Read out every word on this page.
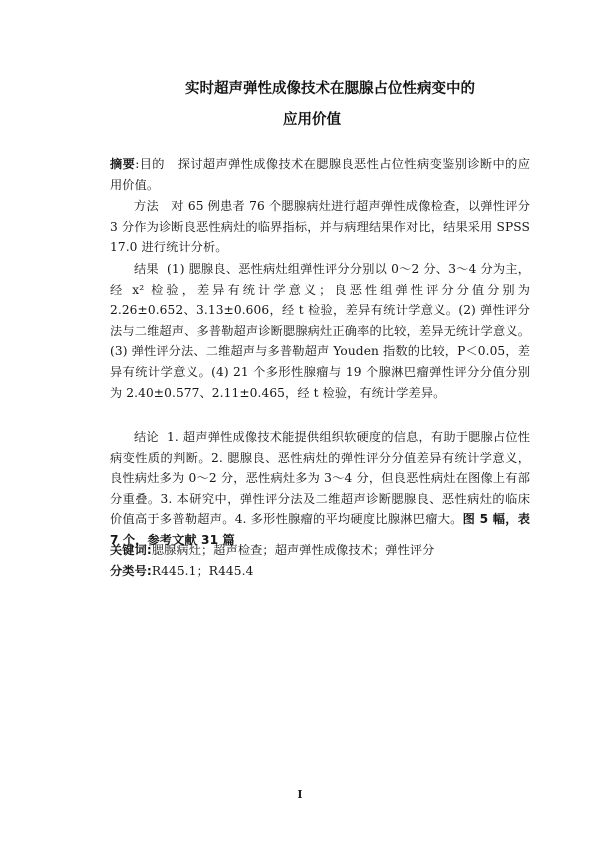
实时超声弹性成像技术在腮腺占位性病变中的
应用价值
摘要:目的 探讨超声弹性成像技术在腮腺良恶性占位性病变鉴别诊断中的应用价值。
方法 对 65 例患者 76 个腮腺病灶进行超声弹性成像检查，以弹性评分 3 分作为诊断良恶性病灶的临界指标，并与病理结果作对比，结果采用 SPSS 17.0 进行统计分析。
结果 (1) 腮腺良、恶性病灶组弹性评分分别以 0～2 分、3～4 分为主，经 x² 检验，差异有统计学意义；良恶性组弹性评分分值分别为 2.26±0.652、3.13±0.606，经 t 检验，差异有统计学意义。(2) 弹性评分法与二维超声、多普勒超声诊断腮腺病灶正确率的比较，差异无统计学意义。(3) 弹性评分法、二维超声与多普勒超声 Youden 指数的比较，P＜0.05，差异有统计学意义。(4) 21 个多形性腺瘤与 19 个腺淋巴瘤弹性评分分值分别为 2.40±0.577、2.11±0.465，经 t 检验，有统计学差异。
结论 1. 超声弹性成像技术能提供组织软硬度的信息，有助于腮腺占位性病变性质的判断。2. 腮腺良、恶性病灶的弹性评分分值差异有统计学意义，良性病灶多为 0～2 分，恶性病灶多为 3～4 分，但良恶性病灶在图像上有部分重叠。3. 本研究中，弹性评分法及二维超声诊断腮腺良、恶性病灶的临床价值高于多普勒超声。4. 多形性腺瘤的平均硬度比腺淋巴瘤大。图 5 幅，表 7 个，参考文献 31 篇
关键词:腮腺病灶；超声检查；超声弹性成像技术；弹性评分
分类号:R445.1；R445.4
I
